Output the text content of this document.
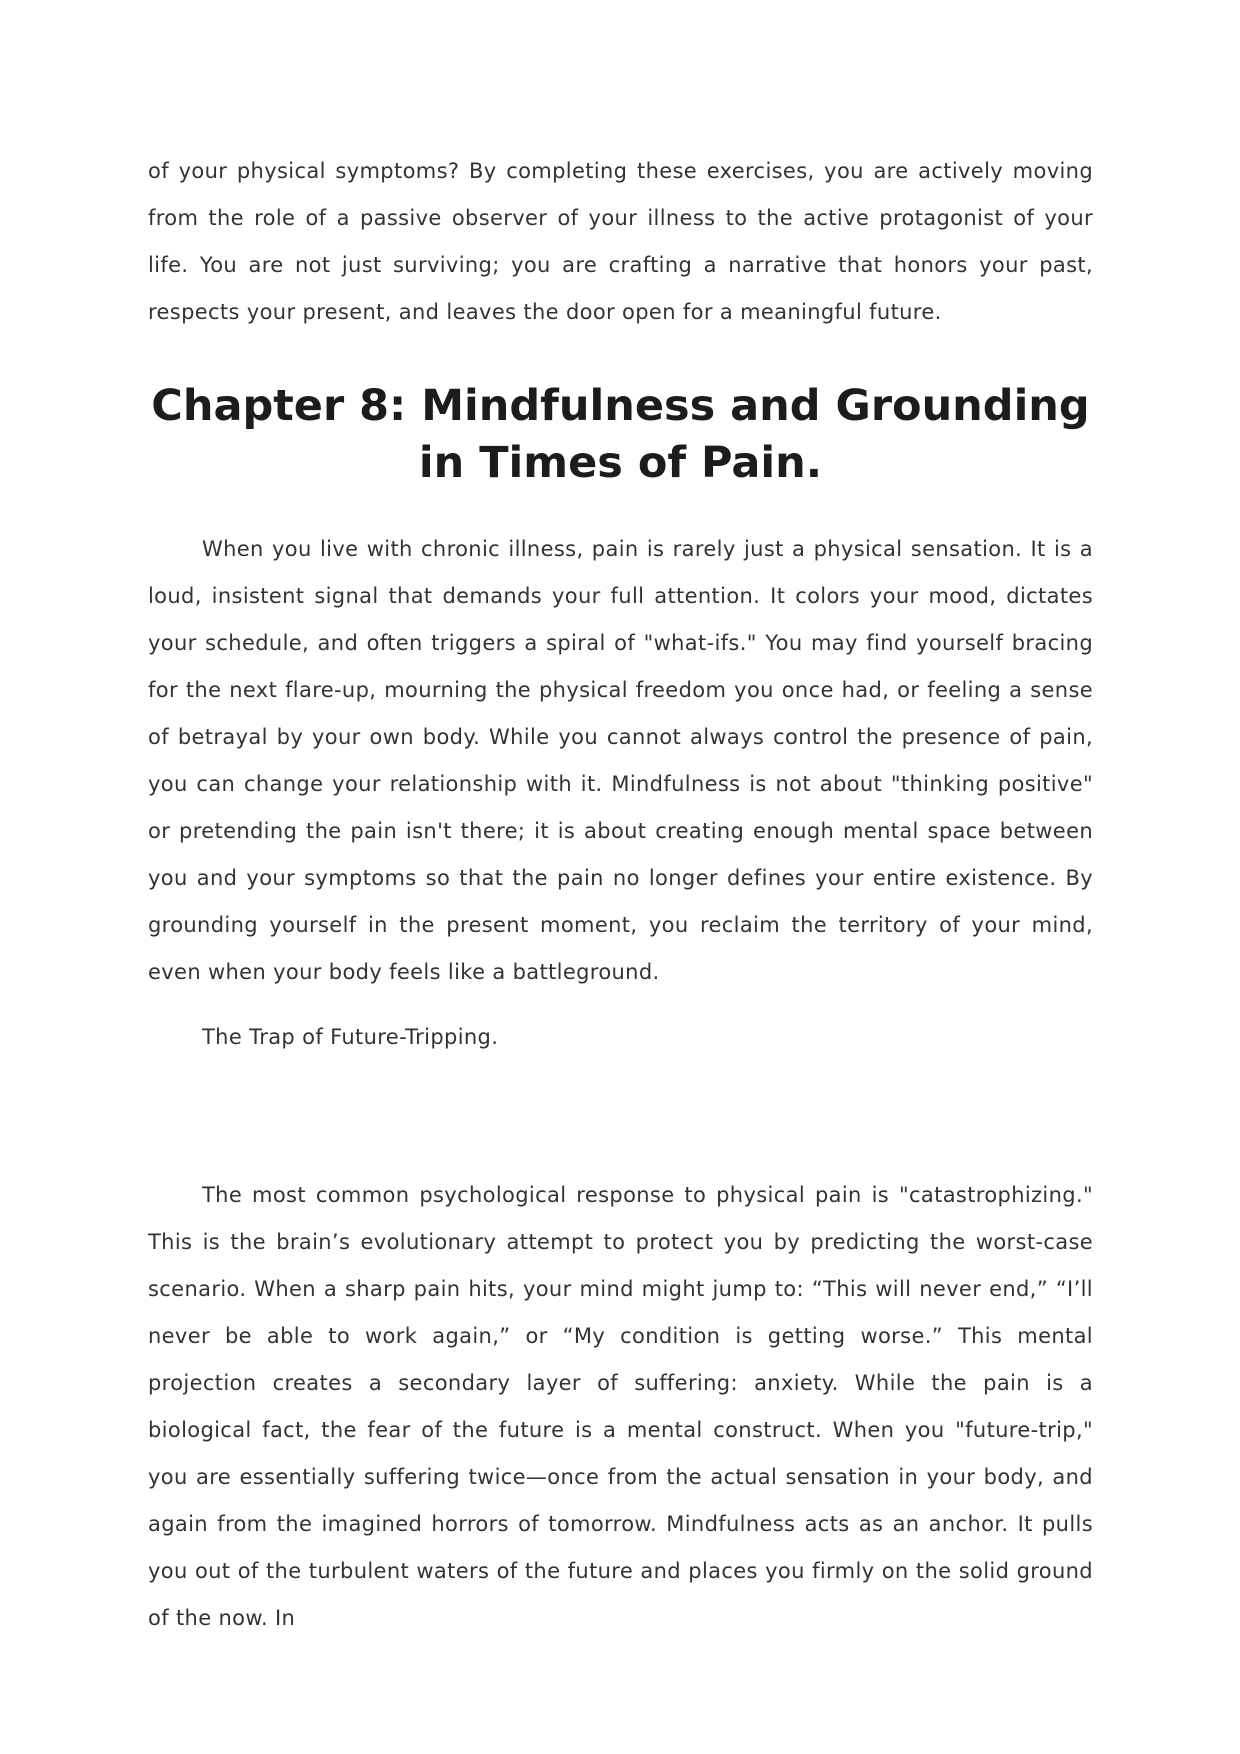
of your physical symptoms? By completing these exercises, you are actively moving from the role of a passive observer of your illness to the active protagonist of your life. You are not just surviving; you are crafting a narrative that honors your past, respects your present, and leaves the door open for a meaningful future.

Chapter 8: Mindfulness and Grounding in Times of Pain.

When you live with chronic illness, pain is rarely just a physical sensation. It is a loud, insistent signal that demands your full attention. It colors your mood, dictates your schedule, and often triggers a spiral of "what-ifs." You may find yourself bracing for the next flare-up, mourning the physical freedom you once had, or feeling a sense of betrayal by your own body. While you cannot always control the presence of pain, you can change your relationship with it. Mindfulness is not about "thinking positive" or pretending the pain isn't there; it is about creating enough mental space between you and your symptoms so that the pain no longer defines your entire existence. By grounding yourself in the present moment, you reclaim the territory of your mind, even when your body feels like a battleground.

The Trap of Future-Tripping.

The most common psychological response to physical pain is "catastrophizing." This is the brain’s evolutionary attempt to protect you by predicting the worst-case scenario. When a sharp pain hits, your mind might jump to: “This will never end,” “I’ll never be able to work again,” or “My condition is getting worse.” This mental projection creates a secondary layer of suffering: anxiety. While the pain is a biological fact, the fear of the future is a mental construct. When you "future-trip," you are essentially suffering twice—once from the actual sensation in your body, and again from the imagined horrors of tomorrow. Mindfulness acts as an anchor. It pulls you out of the turbulent waters of the future and places you firmly on the solid ground of the now. In
